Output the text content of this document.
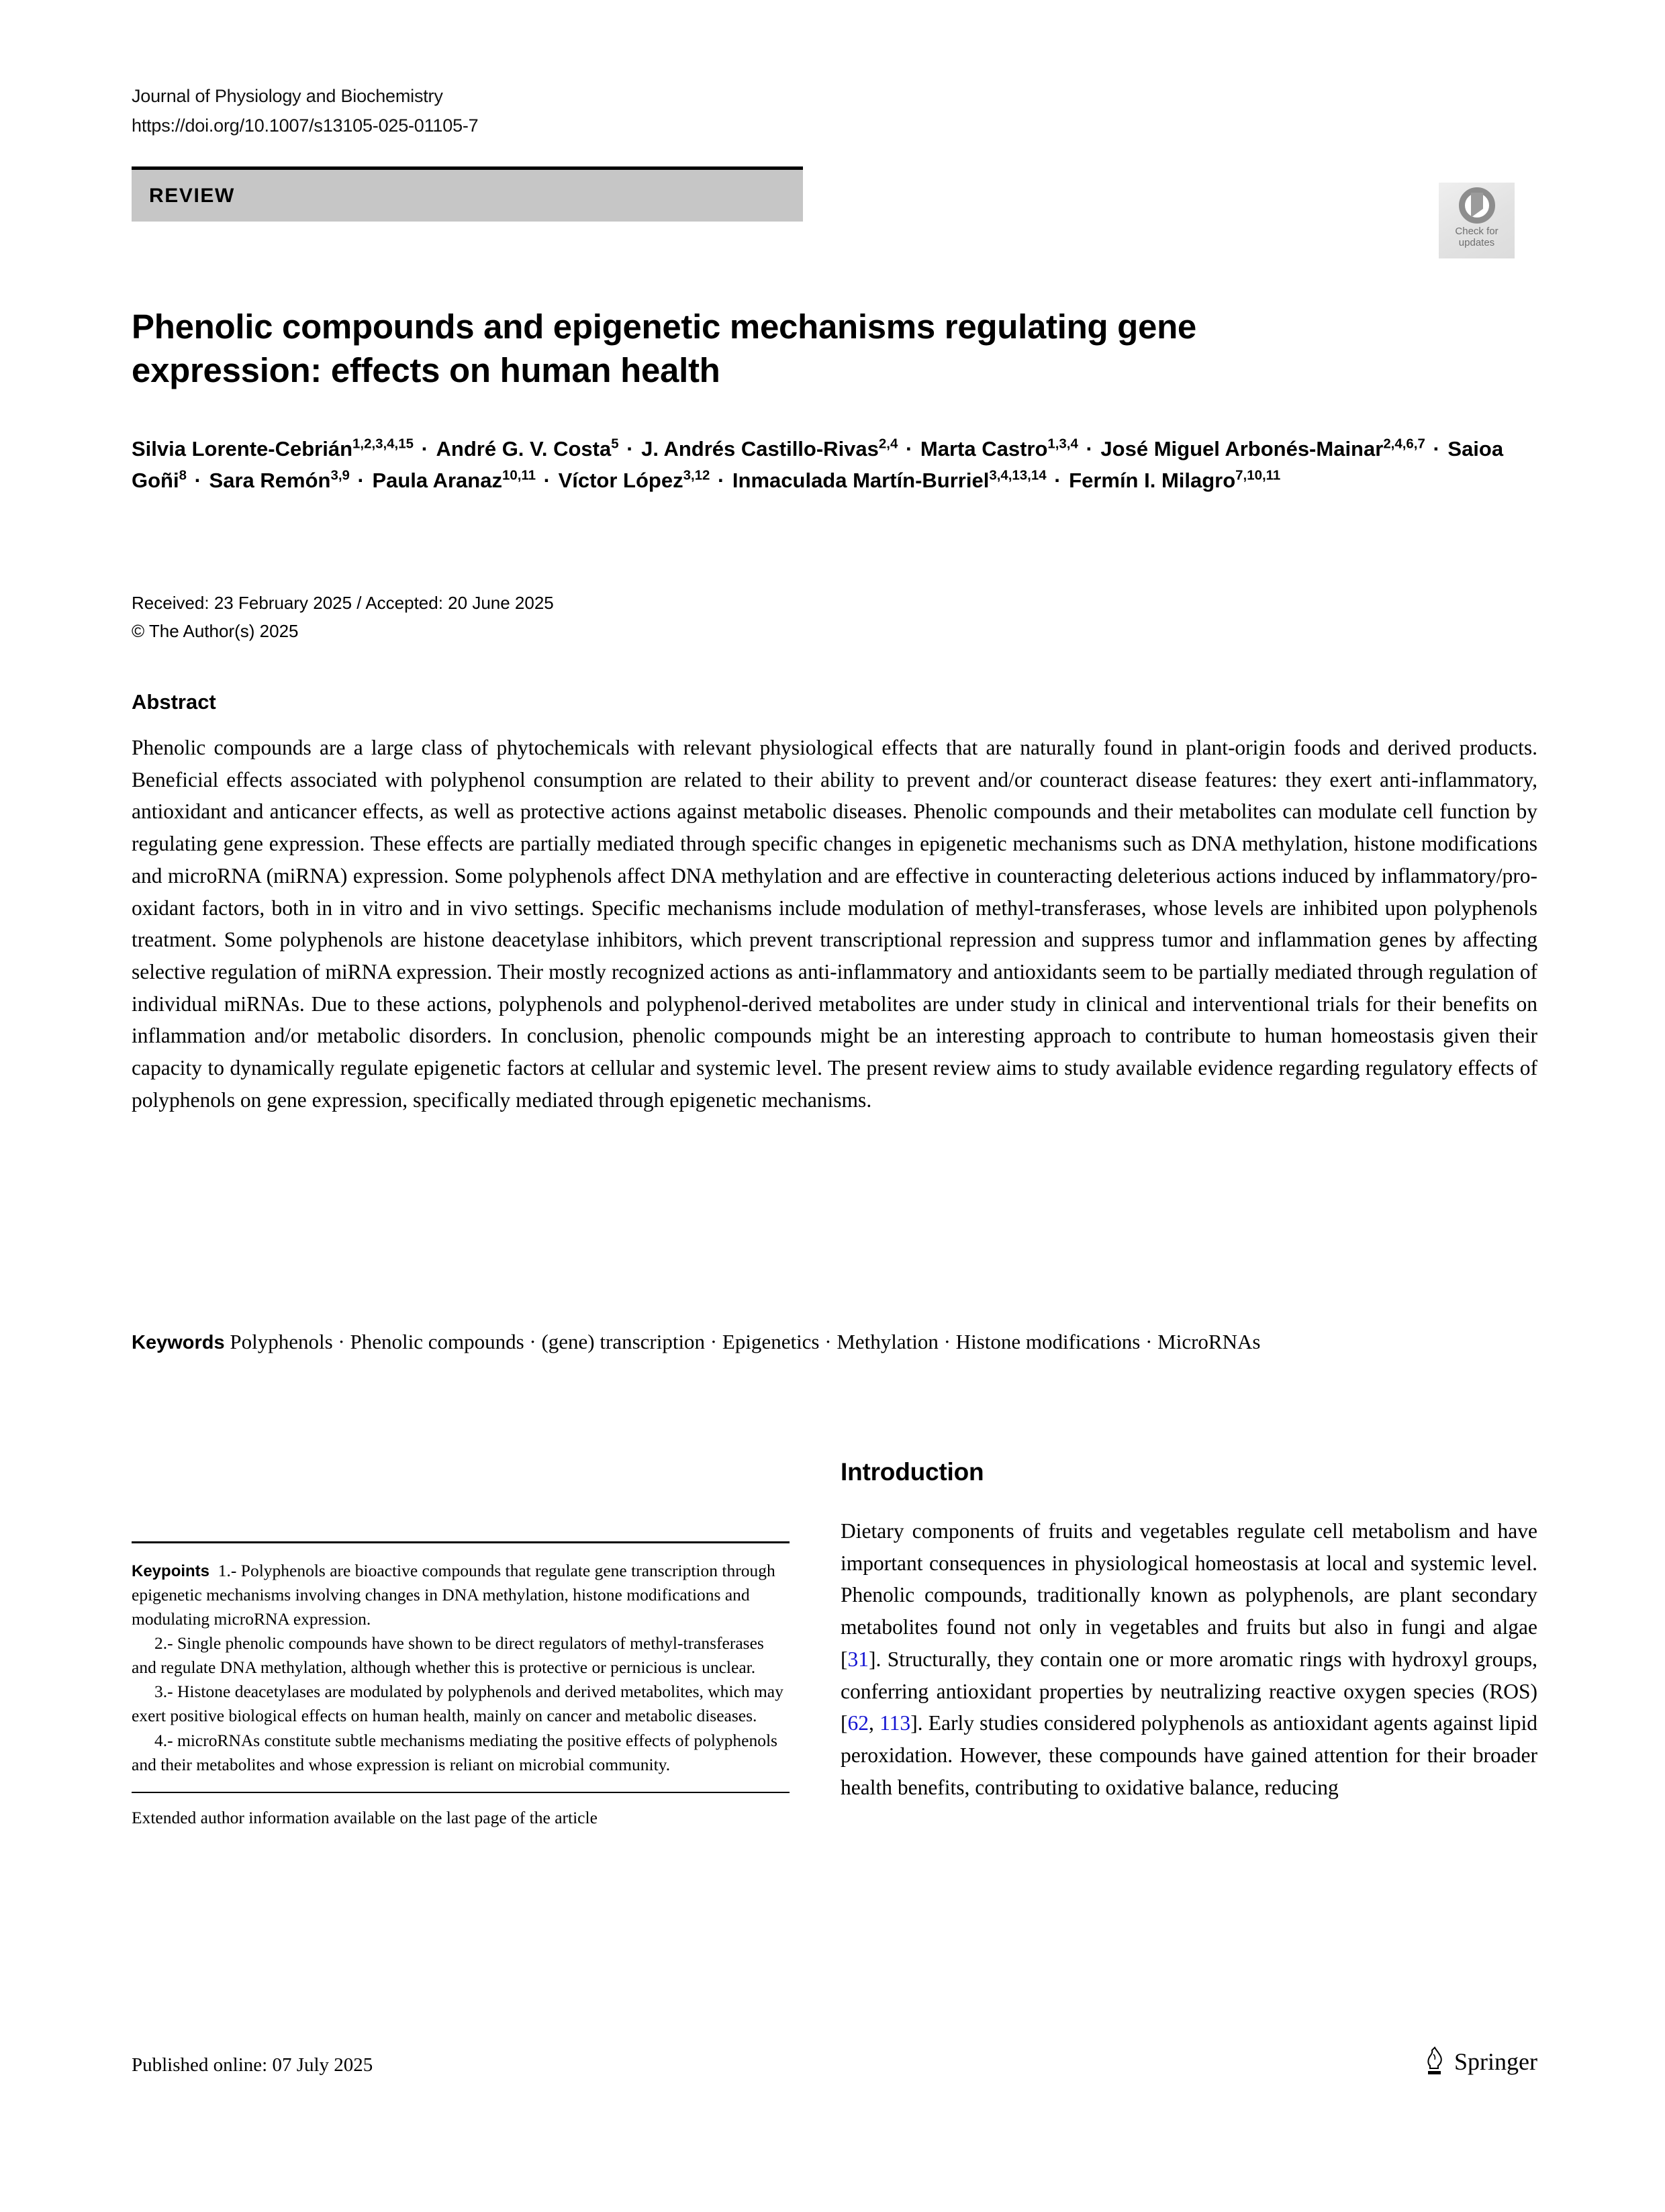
Journal of Physiology and Biochemistry
https://doi.org/10.1007/s13105-025-01105-7
REVIEW
Check for
updates
Phenolic compounds and epigenetic mechanisms regulating gene expression: effects on human health
Silvia Lorente-Cebrián$^{1,2,3,4,15}$ · André G. V. Costa$^5$ · J. Andrés Castillo-Rivas$^{2,4}$ · Marta Castro$^{1,3,4}$ · José Miguel Arbonés-Mainar$^{2,4,6,7}$ · Saioa Goñi$^8$ · Sara Remón$^{3,9}$ · Paula Aranaz$^{10,11}$ · Víctor López$^{3,12}$ · Inmaculada Martín-Burriel$^{3,4,13,14}$ · Fermín I. Milagro$^{7,10,11}$
Received: 23 February 2025 / Accepted: 20 June 2025
© The Author(s) 2025
Abstract
Phenolic compounds are a large class of phytochemicals with relevant physiological effects that are naturally found in plant-origin foods and derived products. Beneficial effects associated with polyphenol consumption are related to their ability to prevent and/or counteract disease features: they exert anti-inflammatory, antioxidant and anticancer effects, as well as protective actions against metabolic diseases. Phenolic compounds and their metabolites can modulate cell function by regulating gene expression. These effects are partially mediated through specific changes in epigenetic mechanisms such as DNA methylation, histone modifications and microRNA (miRNA) expression. Some polyphenols affect DNA methylation and are effective in counteracting deleterious actions induced by inflammatory/pro-oxidant factors, both in in vitro and in vivo settings. Specific mechanisms include modulation of methyl-transferases, whose levels are inhibited upon polyphenols treatment. Some polyphenols are histone deacetylase inhibitors, which prevent transcriptional repression and suppress tumor and inflammation genes by affecting selective regulation of miRNA expression. Their mostly recognized actions as anti-inflammatory and antioxidants seem to be partially mediated through regulation of individual miRNAs. Due to these actions, polyphenols and polyphenol-derived metabolites are under study in clinical and interventional trials for their benefits on inflammation and/or metabolic disorders. In conclusion, phenolic compounds might be an interesting approach to contribute to human homeostasis given their capacity to dynamically regulate epigenetic factors at cellular and systemic level. The present review aims to study available evidence regarding regulatory effects of polyphenols on gene expression, specifically mediated through epigenetic mechanisms.
Keywords Polyphenols · Phenolic compounds · (gene) transcription · Epigenetics · Methylation · Histone modifications · MicroRNAs

Keypoints 1.- Polyphenols are bioactive compounds that regulate gene transcription through epigenetic mechanisms involving changes in DNA methylation, histone modifications and modulating microRNA expression.

2.- Single phenolic compounds have shown to be direct regulators of methyl-transferases and regulate DNA methylation, although whether this is protective or pernicious is unclear.

3.- Histone deacetylases are modulated by polyphenols and derived metabolites, which may exert positive biological effects on human health, mainly on cancer and metabolic diseases.

4.- microRNAs constitute subtle mechanisms mediating the positive effects of polyphenols and their metabolites and whose expression is reliant on microbial community.

Extended author information available on the last page of the article
Introduction
Dietary components of fruits and vegetables regulate cell metabolism and have important consequences in physiological homeostasis at local and systemic level. Phenolic compounds, traditionally known as polyphenols, are plant secondary metabolites found not only in vegetables and fruits but also in fungi and algae [31]. Structurally, they contain one or more aromatic rings with hydroxyl groups, conferring antioxidant properties by neutralizing reactive oxygen species (ROS) [62, 113]. Early studies considered polyphenols as antioxidant agents against lipid peroxidation. However, these compounds have gained attention for their broader health benefits, contributing to oxidative balance, reducing
Published online: 07 July 2025	Springer
